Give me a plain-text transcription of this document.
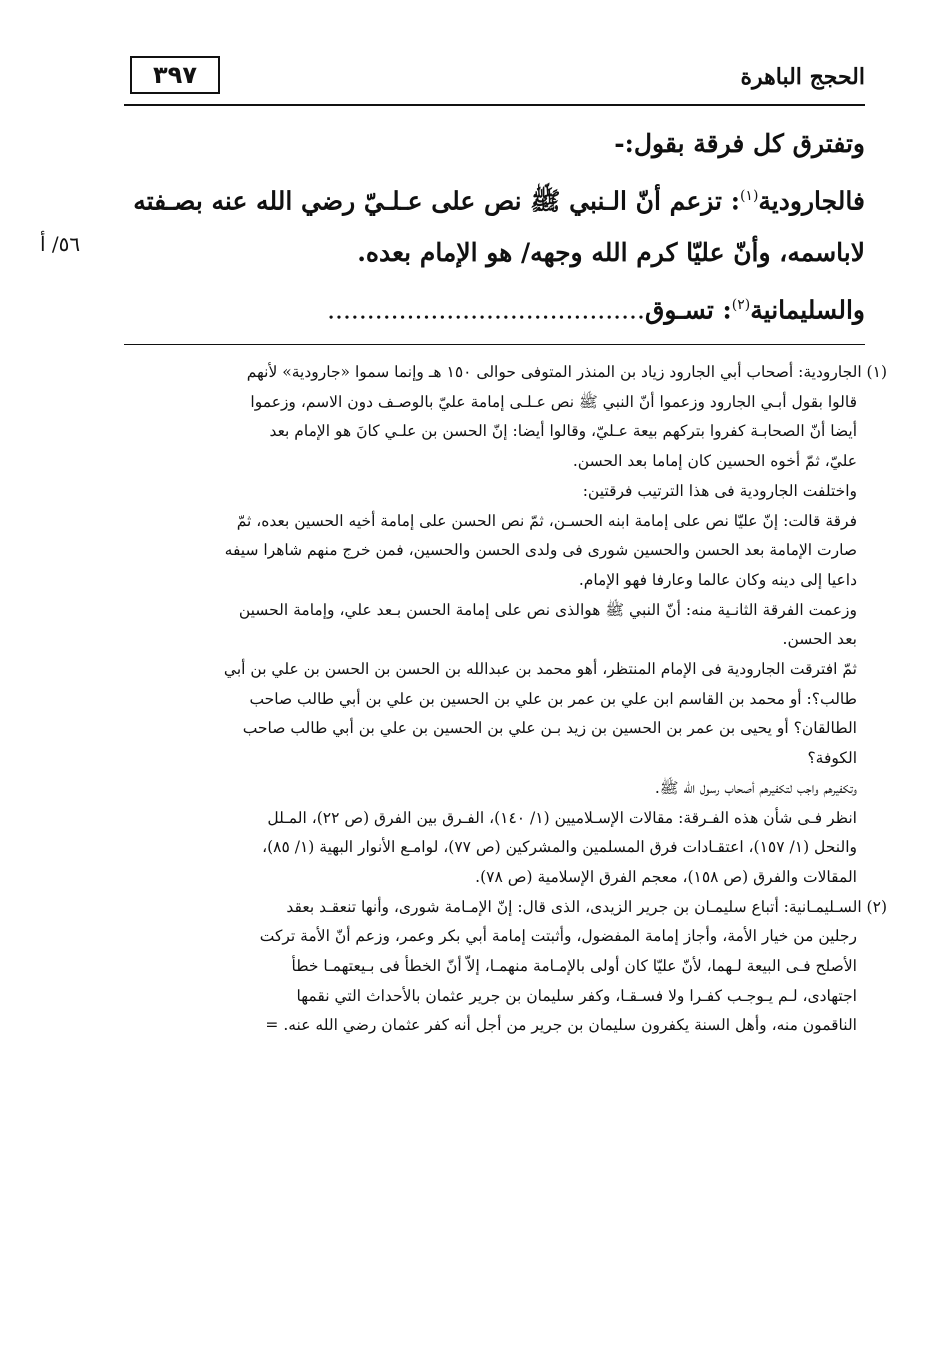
٣٩٧	الحجج الباهرة
وتفترق كل فرقة بقول:-
فالجارودية$^{(١)}$: تزعم أنّ الـنبي ﷺ نص على عـلـيّ رضي الله عنه بصـفته
لاباسمه، وأنّ عليّا كرم الله وجهه/ هو الإمام بعده.
والسليمانية$^{(٢)}$: تسـوق........................................
٥٦/ أ
(١) الجارودية: أصحاب أبي الجارود زياد بن المنذر المتوفى حوالى ١٥٠ هـ وإنما سموا «جارودية» لأنهم
قالوا بقول أبـي الجارود وزعموا أنّ النبي ﷺ نص عـلـى إمامة عليّ بالوصـف دون الاسم، وزعموا
أيضا أنّ الصحابـة كفروا بتركهم بيعة عـليّ، وقالوا أيضا: إنّ الحسن بن علـي كانَ هو الإمام بعد
عليّ، ثمّ أخوه الحسين كان إماما بعد الحسن.
واختلفت الجارودية فى هذا الترتيب فرقتين:
فرقة قالت: إنّ عليّا نص على إمامة ابنه الحسـن، ثمّ نص الحسن على إمامة أخيه الحسين بعده، ثمّ
صارت الإمامة بعد الحسن والحسين شورى فى ولدى الحسن والحسين، فمن خرج منهم شاهرا سيفه
داعيا إلى دينه وكان عالما وعارفا فهو الإمام.
وزعمت الفرقة الثانـية منه: أنّ النبي ﷺ هوالذى نص على إمامة الحسن بـعد علي، وإمامة الحسين
بعد الحسن.
ثمّ افترقت الجارودية فى الإمام المنتظر، أهو محمد بن عبدالله بن الحسن بن الحسن بن علي بن أبي
طالب؟: أو محمد بن القاسم ابن علي بن عمر بن علي بن الحسين بن علي بن أبي طالب صاحب
الطالقان؟ أو يحيى بن عمر بن الحسين بن زيد بـن علي بن الحسين بن علي بن أبي طالب صاحب
الكوفة؟
وتكفيرهم واجب لتكفيرهم أصحاب رسول الله ﷺ.
انظر فـى شأن هذه الفـرقة: مقالات الإسـلاميين (١/ ١٤٠)، الفـرق بين الفرق (ص ٢٢)، المـلل
والنحل (١/ ١٥٧)، اعتقـادات فرق المسلمين والمشركين (ص ٧٧)، لوامـع الأنوار البهية (١/ ٨٥)،
المقالات والفرق (ص ١٥٨)، معجم الفرق الإسلامية (ص ٧٨).
(٢) السـليمـانية: أتباع سليمـان بن جرير الزيدى، الذى قال: إنّ الإمـامة شورى، وأنها تنعقـد بعقد
رجلين من خيار الأمة، وأجاز إمامة المفضول، وأثبتت إمامة أبي بكر وعمر، وزعم أنّ الأمة تركت
الأصلح فـى البيعة لـهما، لأنّ عليّا كان أولى بالإمـامة منهمـا، إلاّ أنّ الخطأ فى بـيعتهمـا خطأ
اجتهادى، لـم يـوجـب كفـرا ولا فسـقـا، وكفر سليمان بن جرير عثمان بالأحداث التي نقمها
الناقمون منه، وأهل السنة يكفرون سليمان بن جرير من أجل أنه كفر عثمان رضي الله عنه. =
